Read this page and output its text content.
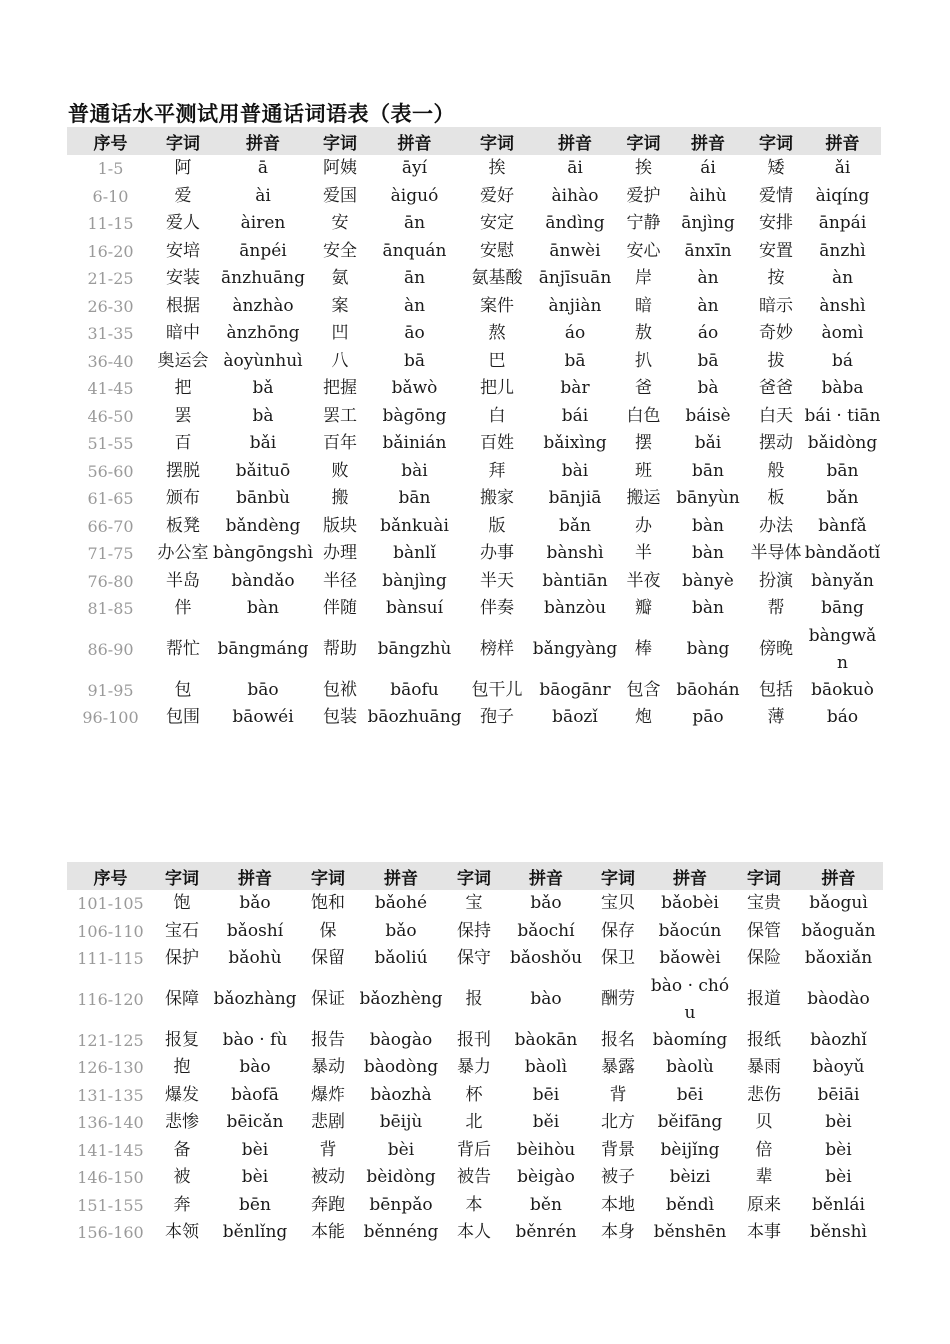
普通话水平测试用普通话词语表（表一）
序号	字词	拼音	字词	拼音	字词	拼音	字词	拼音	字词	拼音
1-5	阿	ā	阿姨	āyí	挨	āi	挨	ái	矮	ǎi
6-10	爱	ài	爱国	àiguó	爱好	àihào	爱护	àihù	爱情	àiqíng
11-15	爱人	àiren	安	ān	安定	āndìng	宁静	ānjìng	安排	ānpái
16-20	安培	ānpéi	安全	ānquán	安慰	ānwèi	安心	ānxīn	安置	ānzhì
21-25	安装	ānzhuāng	氨	ān	氨基酸	ānjīsuān	岸	àn	按	àn
26-30	根据	ànzhào	案	àn	案件	ànjiàn	暗	àn	暗示	ànshì
31-35	暗中	ànzhōng	凹	āo	熬	áo	敖	áo	奇妙	àomì
36-40	奥运会	àoyùnhuì	八	bā	巴	bā	扒	bā	拔	bá
41-45	把	bǎ	把握	bǎwò	把儿	bàr	爸	bà	爸爸	bàba
46-50	罢	bà	罢工	bàgōng	白	bái	白色	báisè	白天	bái · tiān
51-55	百	bǎi	百年	bǎinián	百姓	bǎixìng	摆	bǎi	摆动	bǎidòng
56-60	摆脱	bǎituō	败	bài	拜	bài	班	bān	般	bān
61-65	颁布	bānbù	搬	bān	搬家	bānjiā	搬运	bānyùn	板	bǎn
66-70	板凳	bǎndèng	版块	bǎnkuài	版	bǎn	办	bàn	办法	bànfǎ
71-75	办公室	bàngōngshì	办理	bànlǐ	办事	bànshì	半	bàn	半导体	bàndǎotǐ
76-80	半岛	bàndǎo	半径	bànjìng	半天	bàntiān	半夜	bànyè	扮演	bànyǎn
81-85	伴	bàn	伴随	bànsuí	伴奏	bànzòu	瓣	bàn	帮	bāng
86-90	帮忙	bāngmáng	帮助	bāngzhù	榜样	bǎngyàng	棒	bàng	傍晚	bàngwǎn
91-95	包	bāo	包袱	bāofu	包干儿	bāogānr	包含	bāohán	包括	bāokuò
96-100	包围	bāowéi	包装	bāozhuāng	孢子	bāozǐ	炮	pāo	薄	báo
序号	字词	拼音	字词	拼音	字词	拼音	字词	拼音	字词	拼音
101-105	饱	bǎo	饱和	bǎohé	宝	bǎo	宝贝	bǎobèi	宝贵	bǎoguì
106-110	宝石	bǎoshí	保	bǎo	保持	bǎochí	保存	bǎocún	保管	bǎoguǎn
111-115	保护	bǎohù	保留	bǎoliú	保守	bǎoshǒu	保卫	bǎowèi	保险	bǎoxiǎn
116-120	保障	bǎozhàng	保证	bǎozhèng	报	bào	酬劳	bào · chóu	报道	bàodào
121-125	报复	bào · fù	报告	bàogào	报刊	bàokān	报名	bàomíng	报纸	bàozhǐ
126-130	抱	bào	暴动	bàodòng	暴力	bàolì	暴露	bàolù	暴雨	bàoyǔ
131-135	爆发	bàofā	爆炸	bàozhà	杯	bēi	背	bēi	悲伤	bēiāi
136-140	悲惨	bēicǎn	悲剧	bēijù	北	běi	北方	běifāng	贝	bèi
141-145	备	bèi	背	bèi	背后	bèihòu	背景	bèijǐng	倍	bèi
146-150	被	bèi	被动	bèidòng	被告	bèigào	被子	bèizi	辈	bèi
151-155	奔	bēn	奔跑	bēnpǎo	本	běn	本地	běndì	原来	běnlái
156-160	本领	běnlǐng	本能	běnnéng	本人	běnrén	本身	běnshēn	本事	běnshì
